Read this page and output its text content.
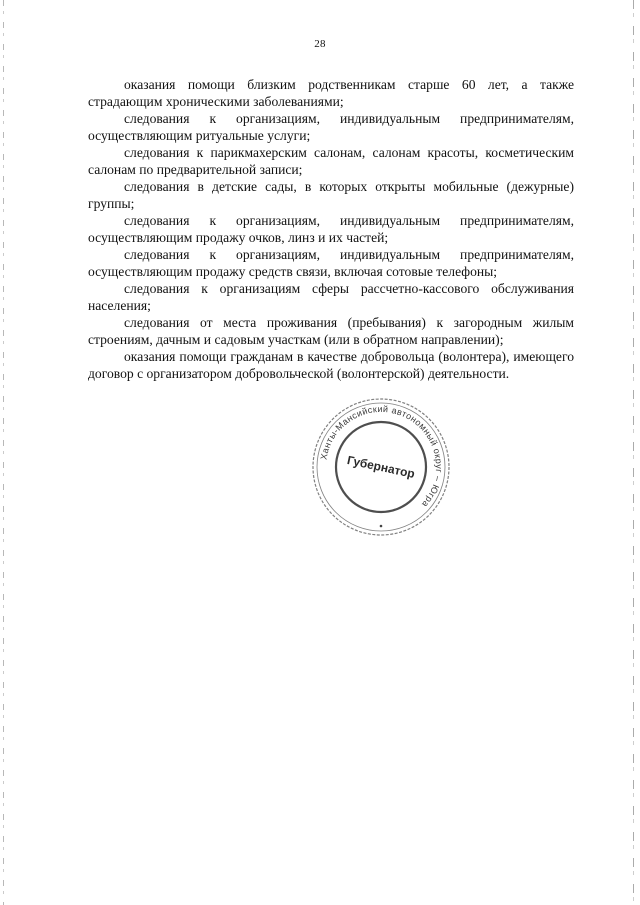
28

оказания помощи близким родственникам старше 60 лет, а также страдающим хроническими заболеваниями;

следования к организациям, индивидуальным предпринимателям, осуществляющим ритуальные услуги;

следования к парикмахерским салонам, салонам красоты, косметическим салонам по предварительной записи;

следования в детские сады, в которых открыты мобильные (дежурные) группы;

следования к организациям, индивидуальным предпринимателям, осуществляющим продажу очков, линз и их частей;

следования к организациям, индивидуальным предпринимателям, осуществляющим продажу средств связи, включая сотовые телефоны;

следования к организациям сферы рассчетно-кассового обслуживания населения;

следования от места проживания (пребывания) к загородным жилым строениям, дачным и садовым участкам (или в обратном направлении);

оказания помощи гражданам в качестве добровольца (волонтера), имеющего договор с организатором добровольческой (волонтерской) деятельности.

Ханты-Мансийский автономный округ – Югра
Губернатор
